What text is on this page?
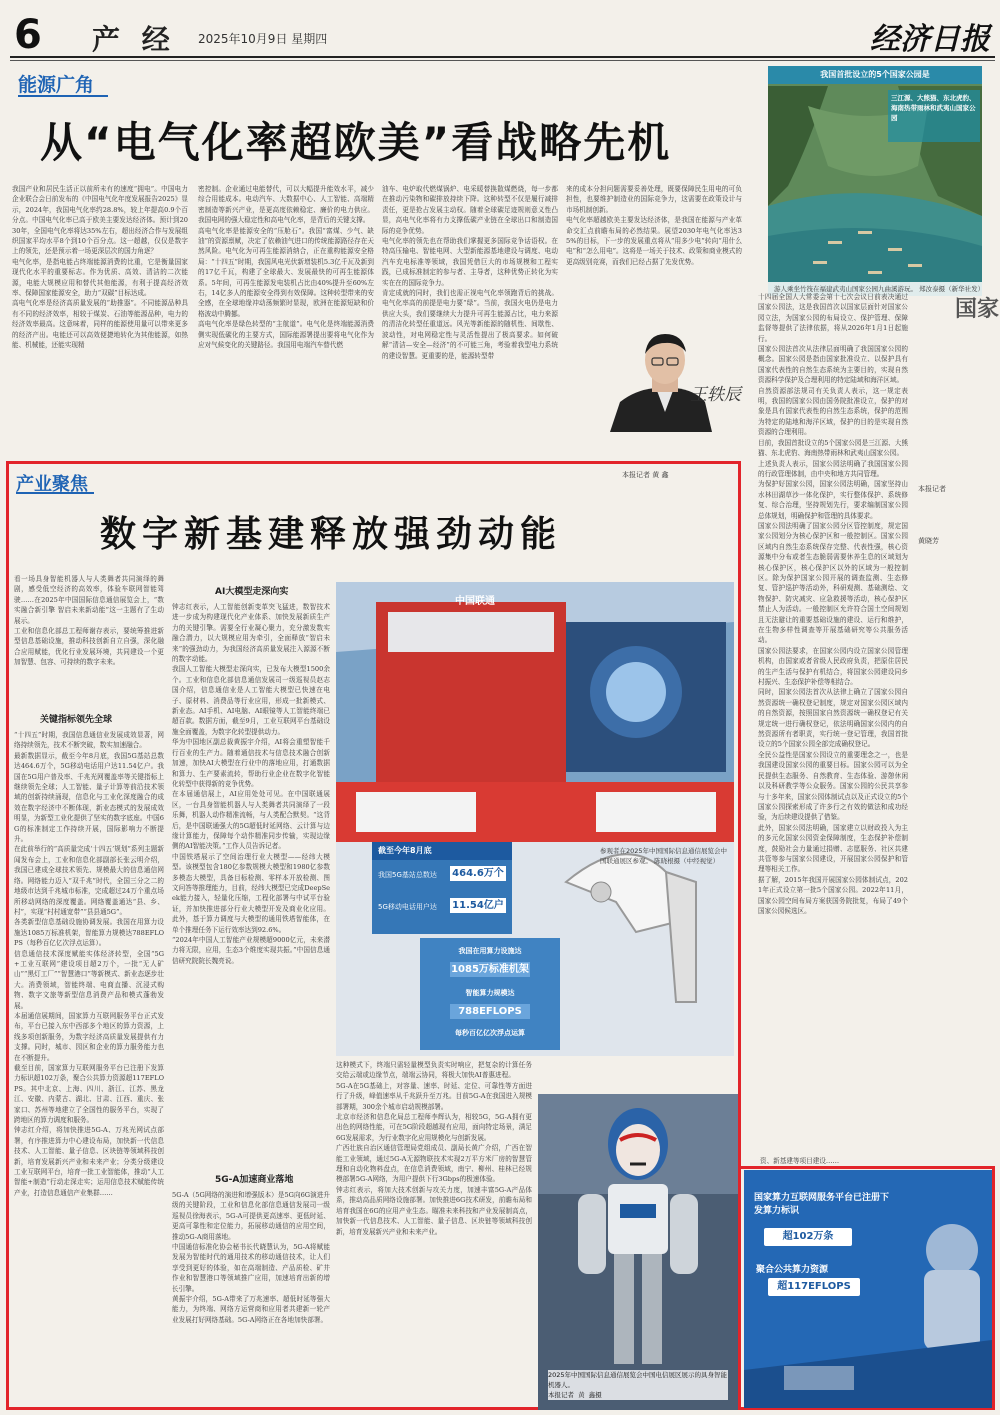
6 产 经 2025年10月9日 星期四	经济日报
能源广角
从“电气化率超欧美”看战略先机
我国产业和居民生活正以前所未有的速度“拥电”。中国电力企业联合会日前发布的《中国电气化年度发展报告2025》显示，2024年，我国电气化率约28.8%，较上年提高0.9个百分点。中国电气化率已高于欧美主要发达经济体。预计到2030年，全国电气化率将达35%左右，超出经济合作与发展组织国家平均水平8个到10个百分点。这一超越，仅仅是数字上的领先，还是预示着一场更深层次的国力角逐？
电气化率，是指电能占终端能源消费的比重，它是衡量国家现代化水平的重要标志。作为优质、高效、清洁的二次能源，电能大规模应用和替代其他能源，有利于提高经济效率、保障国家能源安全，助力“双碳”目标达成。
高电气化率是经济高质量发展的“助推器”。不同能源品种具有不同的经济效率，相较于煤炭、石油等能源品种，电力的经济效率最高。这意味着，同样的能源使用量可以带来更多的经济产出。电能还可以高效便捷地转化为其他能源，如热能、机械能，还能实现精
密控制。企业通过电能替代，可以大幅提升能效水平，减少综合用能成本。电动汽车、大数据中心、人工智能、高端精密制造等新兴产业，是更高度依赖稳定、廉价的电力供应。我国电网的强大稳定性和高电气化率，是背后的关键支撑。
高电气化率是能源安全的“压舱石”。我国“富煤、少气、缺油”的资源禀赋，决定了依赖油气进口的传统能源路径存在天然风险。电气化为可再生能源消纳合，正在重构能源安全格局：“十四五”时期，我国风电光伏新增装机5.3亿千瓦及新到的17亿千瓦，构建了全球最大、发展最快的可再生能源体系。5年间，可再生能源发电装机占比由40%提升至60%左右，14亿多人的能源安全得到有效保障。这种转型带来的安全感，在全球地缘冲动荡频繁时显现，欧洲在能源短缺和价格波动中腾挪。
高电气化率是绿色转型的“主航道”。电气化是终端能源消费侧实现低碳化的主要方式，国际能源署提出要将电气化作为应对气候变化的关键路径。我国用电端汽车替代燃
油车、电炉取代燃煤锅炉、电采暖替换散煤燃烧，每一步都在推动污染物和碳排放持续下降。这种转型不仅是履行减排责任，更是抢占发展主动权。随着全球碳足迹规则意义性凸显，高电气化率将有力支撑低碳产业链在全球出口和制造国际的竞争优势。
电气化率的领先也在帮助我们掌握更多国际竞争话语权。在特高压输电、智能电网、大型新能源基地建设与调度、电动汽车充电标准等领域，我国凭借巨大的市场规模和工程实践，已成标准制定的参与者、主导者，这种优势正转化为实实在在的国际竞争力。
肯定成就的同时，我们也需正视电气化率领跑背后的挑战。电气化率高的前提是电力要“绿”。当前，我国火电仍是电力供应大头，我们要继续大力提升可再生能源占比，电力来源的清洁化转型任重道远。风光等新能源的随机性、间歇性、波动性，对电网稳定性与灵活性提出了极高要求。如何破解“清洁—安全—经济”的不可能三角，考验着我型电力系统的建设智慧。更重要的是，能源转型带
来的成本分担问题需要妥善处理，既要保障民生用电的可负担性，也要维护制造业的国际竞争力，这需要在政策设计与市场机制创新。
电气化率超越欧美主要发达经济体，是我国在能源与产业革命交汇点前瞻布局的必然结果。展望2030年电气化率达35%的目标，下一步的发展重点将从“用多少电”转向“用什么电”和“怎么用电”。这将是一场关于技术、政策和商业模式的更高级别竞赛，而我们已经占据了先发优势。
王轶辰
我国首批设立的5个国家公园是
三江源、大熊猫、东北虎豹、海南热带雨林和武夷山国家公园
游人乘坐竹筏在福建武夷山国家公园九曲溪游玩。 郑汝泰摄（新华社发）
国家
十四届全国人大常委会第十七次会议日前表决通过国家公园法，这是我国首次以国家层面针对国家公园立法，为国家公园的布局设立、保护管理、保障监督等提供了法律依据，将从2026年1月1日起施行。
国家公园法首次从法律层面明确了我国国家公园的概念。国家公园是指由国家批准设立、以保护具有国家代表性的自然生态系统为主要目的，实现自然资源科学保护及合理利用的特定陆域和海洋区域。
自然资源部法规司有关负责人表示，这一规定表明，我国的国家公园由国务院批准设立，保护的对象是具有国家代表性的自然生态系统，保护的范围为特定的陆地和海洋区域，保护的目的是实现自然资源的合理利用。
目前，我国首批设立的5个国家公园是三江源、大熊猫、东北虎豹、海南热带雨林和武夷山国家公园。
上述负责人表示，国家公园法明确了我国国家公园的行政管理体制，由中央和地方共同管理。
为保护好国家公园，国家公园法明确，国家坚持山水林田湖草沙一体化保护，实行整体保护、系统修复、综合治理，坚持规划先行，要求编制国家公园总体规划，明确保护和管理的具体要求。
国家公园法明确了国家公园分区管控制度，规定国家公园划分为核心保护区和一般控制区。国家公园区域内自然生态系统保存完整、代表性强，核心资源集中分布或者生态脆弱需要休养生息的区域划为核心保护区，核心保护区以外的区域为一般控制区。除为保护国家公园开展的调查监测、生态修复、管护巡护等活动外，科研观测、基础测绘、文物保护、防灾减灾、应急救援等活动，核心保护区禁止人为活动。一般控制区允许符合国土空间规划且无法避让的重要基础设施的建设、运行和维护，在生物多样性调查等开展基础研究等公共服务活动。
国家公园法要求，在国家公园内设立国家公园管理机构，由国家或者省级人民政府负责，把原住居民的生产生活与保护有机结合，将国家公园建设同乡村振兴、生态保护补偿等相结合。
同时，国家公园法首次从法律上确立了国家公园自然资源统一确权登记制度，规定对国家公园区域内的自然资源，按照国家自然资源统一确权登记有关规定统一进行确权登记，依法明确国家公园内的自然资源所有者职责，实行统一登记管理，我国首批设立的5个国家公园全部完成确权登记。
全民公益性是国家公园设立的重要理念之一，也是我国建设国家公园的重要目标。国家公园可以为全民提供生态服务、自然教育、生态体验、游憩休闲以及科研教学等公众服务。国家公园的公民共享参与十多年来，国家公园体制试点以及正式设立的5个国家公园探索形成了许多行之有效的做法和成功经验，为后续建设提供了借鉴。
此外，国家公园法明确，国家建立以财政投入为主的多元化国家公园资金保障制度，生态保护补偿制度，鼓励社会力量通过捐赠、志愿服务、社区共建共管等参与国家公园建设，开展国家公园保护和管理等相关工作。
据了解，2015年我国开展国家公园体制试点，2021年正式设立第一批5个国家公园。2022年11月，国家公园空间布局方案获国务院批复，布局了49个国家公园候选区。
本报记者
黄晓芳
资、新基建等项目建设……
产业聚焦	本报记者 黄 鑫
数字新基建释放强劲动能
看一场具身智能机器人与人类舞者共同演绎的舞剧，感受低空经济的高效率，体验车联网智能驾驶……在2025年中国国际信息通信展览会上，“数实融合新引擎 智启未来新动能”这一主题有了生动展示。
工业和信息化部总工程师谢存表示，要统筹推进新型信息基础设施，推动科技创新自立自强，深化融合应用赋能，优化行业发展环境，共同建设一个更加智慧、包容、可持续的数字未来。
关键指标领先全球
“十四五”时期，我国信息通信业发展成效显著，网络持续领先，技术不断突破，数实加速融合。
最新数据显示，截至今年8月底，我国5G基站总数达464.6万个，5G移动电话用户达11.54亿户。我国在5G用户普及率、千兆光网覆盖率等关键指标上继续领先全球；人工智能、量子计算等前沿技术领域的创新持续涌现，信息化与工业化深度融合的成效在数字经济中不断体现，新业态模式的发展成效明显，为新型工业化提供了坚实的数字底座。中国6G的标准制定工作持续开展，国际影响力不断提升。
在此前举行的“高质量完成‘十四五’规划”系列主题新闻发布会上，工业和信息化部副部长张云明介绍，我国已建成全球技术领先、规模最大的信息通信网络。网络能力迈入“双千兆”时代，全国三分之二的地级市达到千兆城市标准，完成超过24万个重点场所移动网络的深度覆盖。网络覆盖通达“县、乡、村”，实现“村村通宽带”“县县通5G”。
各类新型信息基础设施协调发展。我国在用算力设施达1085万标准机架，智能算力规模达788EFLOPS（每秒百亿亿次浮点运算）。
信息通信技术深度赋能实体经济转型，全国“5G+工业互联网”建设项目超2万个，一批“无人矿山”“黑灯工厂”“智慧港口”等新模式、新业态逐步壮大。消费领域，智能终端、电商直播、沉浸式购物、数字文旅等新型信息消费产品和模式蓬勃发展。
本届通信展期间，国家算力互联网服务平台正式发布，平台已接入东中西部多个地区的算力资源，上线多项创新服务，为数字经济高质量发展提供有力支撑。同时，城市、园区和企业的算力服务能力也在不断提升。
截至目前，国家算力互联网服务平台已注册下发算力标识超102万条，聚合公共算力资源超117EFLOPS。其中北京、上海、四川、浙江、江苏、黑龙江、安徽、内蒙古、湖北、甘肃、江西、重庆、张家口、苏州等地建立了全国性的服务平台，实现了跨地区的算力调度和服务。
钟志红介绍，将加快推进5G-A、万兆光网试点部署，有序推进算力中心建设布局，加快新一代信息技术、人工智能、量子信息、区块链等领域科技创新，培育发展新兴产业和未来产业；分类分级建设工业互联网平台，培育一批工业智能体，推动“人工智能+制造”行动走深走实；运用信息技术赋能传统产业，打造信息通信产业集群……
AI大模型走深向实
钟志红表示，人工智能创新变革突飞猛进，数智技术进一步成为构建现代化产业体系、加快发展新质生产力的关键引擎。需要全行业凝心聚力，充分激发数实融合潜力，以大规模应用为牵引，全面释放“智启未来”的强劲动力，为我国经济高质量发展注入源源不断的数字动能。
我国人工智能大模型走深向实，已发布大模型1500余个。工业和信息化部信息通信发展司一级巡视员赵志国介绍，信息通信业是人工智能大模型已快速在电子、原材料、消费品等行业应用，形成一批新模式、新业态。AI手机、AI电脑、AI眼镜等人工智能终端已超百款。数据方面，截至9月，工业互联网平台基础设施全面覆盖，为数字化转型提供动力。
华为中国地区副总裁黄振宇介绍，AI将会重塑智能千行百业的生产力。随着通信技术与信息技术融合创新加速，加快AI大模型在行业中的落地应用，打通数据和算力、生产要素流转，帮助行业企业在数字化智能化转型中获得新的竞争优势。
在本届通信展上，AI应用处处可见。在中国联通展区，一台具身智能机器人与人类舞者共同演绎了一段乐舞，机器人动作精准流畅，与人类配合默契。“这背后，是中国联通强大的5G超低时延网络、云计算与边缘计算能力，保障每个动作精准同步传输，实现边缘侧的AI智能决策。”工作人员告诉记者。
中国铁塔展示了空间治理行业大模型——经纬大模型。该模型包含180亿参数规模大模型和1980亿参数多模态大模型，具备目标检测、零样本开放检测、图文问答等推理能力，目前，经纬大模型已完成DeepSeek能力接入，轻量化压缩，工程化部署与中试平台验证，并加快推进部分行业大模型开发及商业化应用。此外，基于算力调度与大模型的通用铁塔智能体，在单个推理任务下运行效率达到92.6%。
“2024年中国人工智能产业规模超9000亿元，未来潜力将无限，应用，生态3个维度实现共振。”中国信息通信研究院院长魏亮说。
5G-A加速商业落地
5G-A（5G网络的演进和增强版本）是5G向6G演进升级的关键阶段，工业和信息化部信息通信发展司一级巡视员徐海表示，5G-A可提供更高速率、更低时延、更高可靠性和定位能力，拓展移动通信的应用空间，推动5G-A商用落地。
中国通信标准化协会秘书长代晓慧认为，5G-A将赋能发展为智能时代的通用技术的移动通信技术，让人们享受到更好的体验，如在高端制造、产品质检、矿井作业和智慧港口等领域推广应用，加速培育出新的增长引擎。
黄振宇介绍，5G-A带来了万兆速率、超低时延等强大能力，为终端、网络方运营商和应用者共建新一轮产业发展打好网络基础。5G-A网络正在各地加快部署。
中国联通
截至今年8月底
我国5G基站总数达 464.6万个
5G移动电话用户达 11.54亿户
参观者在2025年中国国际信息通信展览会中国联通展区参观。 陈晓根摄（中经视觉）
我国在用算力设施达
1085万标准机架
智能算力规模达
788EFLOPS
每秒百亿亿次浮点运算
这种模式下，终端只需轻量模型负责实时响应，把复杂的计算任务交给云端或边缘节点，端端云协同，将极大加快AI普惠进程。
5G-A在5G基础上，对容量、速率、时延、定位、可靠性等方面进行了升级，峰值速率从千兆跃升至万兆。目前5G-A在我国进入规模部署期，300余个城市启动规模部署。
北京市经济和信息化局总工程师李辉认为，相较5G，5G-A拥有更出色的网络性能，可在5G阶段超越现有应用，面向特定场景，满足6G发展需求，为行业数字化应用规模化与创新发展。
广西壮族自治区通信管理局党组成员、副局长黄广介绍，广西在智能工业领域，通过5G-A无源物联技术实现2万平方米厂房的智慧管理和自动化物料盘点，在信息消费领域，南宁、柳州、桂林已经规模部署5G-A网络，为用户提供下行3Gbps的极速体验。
钟志红表示，将加大技术创新与攻关力度，加速丰富5G-A产品体系，推动高品质网络设施部署。加快推进6G技术研发，前瞻布局和培育我国在6G的应用产业生态。瞄准未来科技和产业发展制高点，加快新一代信息技术、人工智能、量子信息、区块链等领域科技创新，培育发展新兴产业和未来产业。
2025年中国国际信息通信展览会中国电信展区展示的具身智能机器人。
本报记者  黄  鑫摄
国家算力互联网服务平台已注册下发算力标识
超102万条
聚合公共算力资源
超117EFLOPS
